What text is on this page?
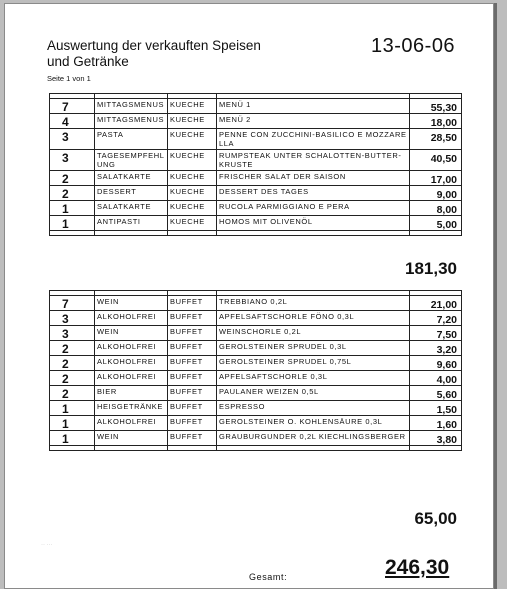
Auswertung der verkauften Speisen
und Getränke
Seite 1 von 1
13-06-06

7	MITTAGSMENUS	KUECHE	MENÜ 1	55,30
4	MITTAGSMENUS	KUECHE	MENÜ 2	18,00
3	PASTA	KUECHE	PENNE CON ZUCCHINI-BASILICO E MOZZARELLA	28,50
3	TAGESEMPFEHLUNG	KUECHE	RUMPSTEAK UNTER SCHALOTTEN-BUTTER-KRUSTE	40,50
2	SALATKARTE	KUECHE	FRISCHER SALAT DER SAISON	17,00
2	DESSERT	KUECHE	DESSERT DES TAGES	9,00
1	SALATKARTE	KUECHE	RUCOLA PARMIGGIANO E PERA	8,00
1	ANTIPASTI	KUECHE	HOMOS MIT OLIVENÖL	5,00

181,30

7	WEIN	BUFFET	TREBBIANO 0,2L	21,00
3	ALKOHOLFREI	BUFFET	APFELSAFTSCHORLE FÖNO 0,3L	7,20
3	WEIN	BUFFET	WEINSCHORLE 0,2L	7,50
2	ALKOHOLFREI	BUFFET	GEROLSTEINER SPRUDEL 0,3L	3,20
2	ALKOHOLFREI	BUFFET	GEROLSTEINER SPRUDEL 0,75L	9,60
2	ALKOHOLFREI	BUFFET	APFELSAFTSCHORLE 0,3L	4,00
2	BIER	BUFFET	PAULANER WEIZEN 0,5L	5,60
1	HEISGETRÄNKE	BUFFET	ESPRESSO	1,50
1	ALKOHOLFREI	BUFFET	GEROLSTEINER O. KOHLENSÄURE 0,3L	1,60
1	WEIN	BUFFET	GRAUBURGUNDER 0,2L KIECHLINGSBERGER	3,80

65,00
·· ···
Gesamt:	246,30
